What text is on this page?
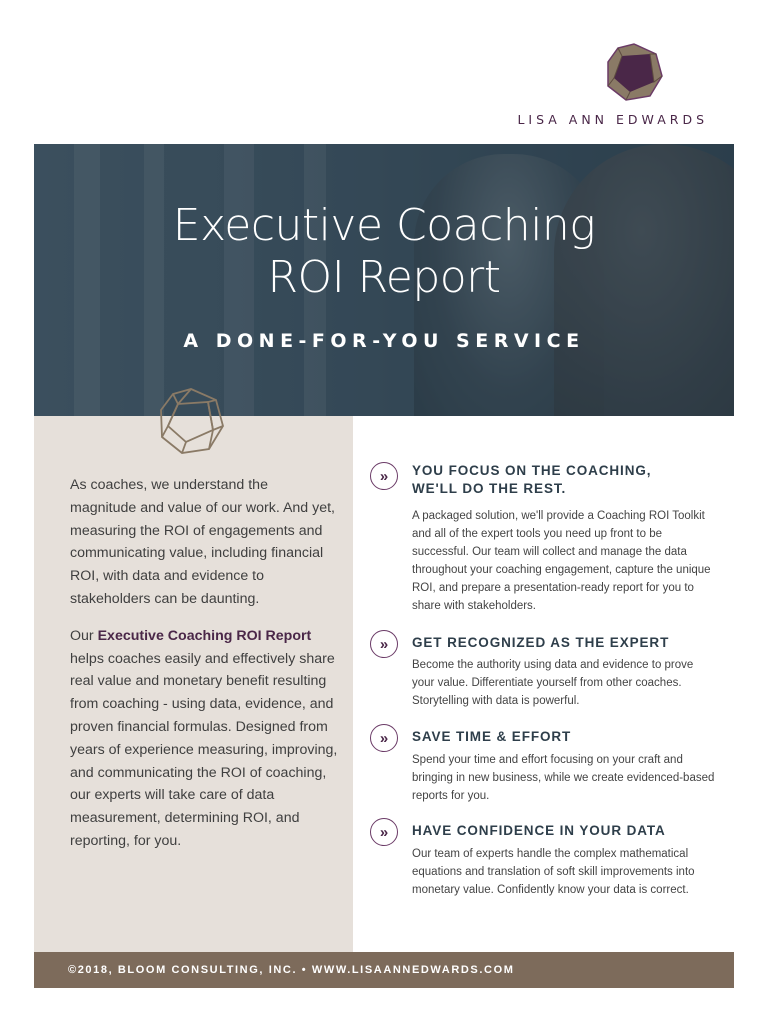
LISA ANN EDWARDS
Executive Coaching
ROI Report
A DONE-FOR-YOU SERVICE

As coaches, we understand the magnitude and value of our work. And yet, measuring the ROI of engagements and communicating value, including financial ROI, with data and evidence to stakeholders can be daunting.

Our Executive Coaching ROI Report helps coaches easily and effectively share real value and monetary benefit resulting from coaching - using data, evidence, and proven financial formulas. Designed from years of experience measuring, improving, and communicating the ROI of coaching, our experts will take care of data measurement, determining ROI, and reporting, for you.

»	YOU FOCUS ON THE COACHING,
WE'LL DO THE REST.
A packaged solution, we'll provide a Coaching ROI Toolkit and all of the expert tools you need up front to be successful. Our team will collect and manage the data throughout your coaching engagement, capture the unique ROI, and prepare a presentation-ready report for you to share with stakeholders.
»	GET RECOGNIZED AS THE EXPERT
Become the authority using data and evidence to prove your value. Differentiate yourself from other coaches. Storytelling with data is powerful.
»	SAVE TIME & EFFORT
Spend your time and effort focusing on your craft and bringing in new business, while we create evidenced-based reports for you.
»	HAVE CONFIDENCE IN YOUR DATA
Our team of experts handle the complex mathematical equations and translation of soft skill improvements into monetary value. Confidently know your data is correct.
©2018, BLOOM CONSULTING, INC. • WWW.LISAANNEDWARDS.COM
